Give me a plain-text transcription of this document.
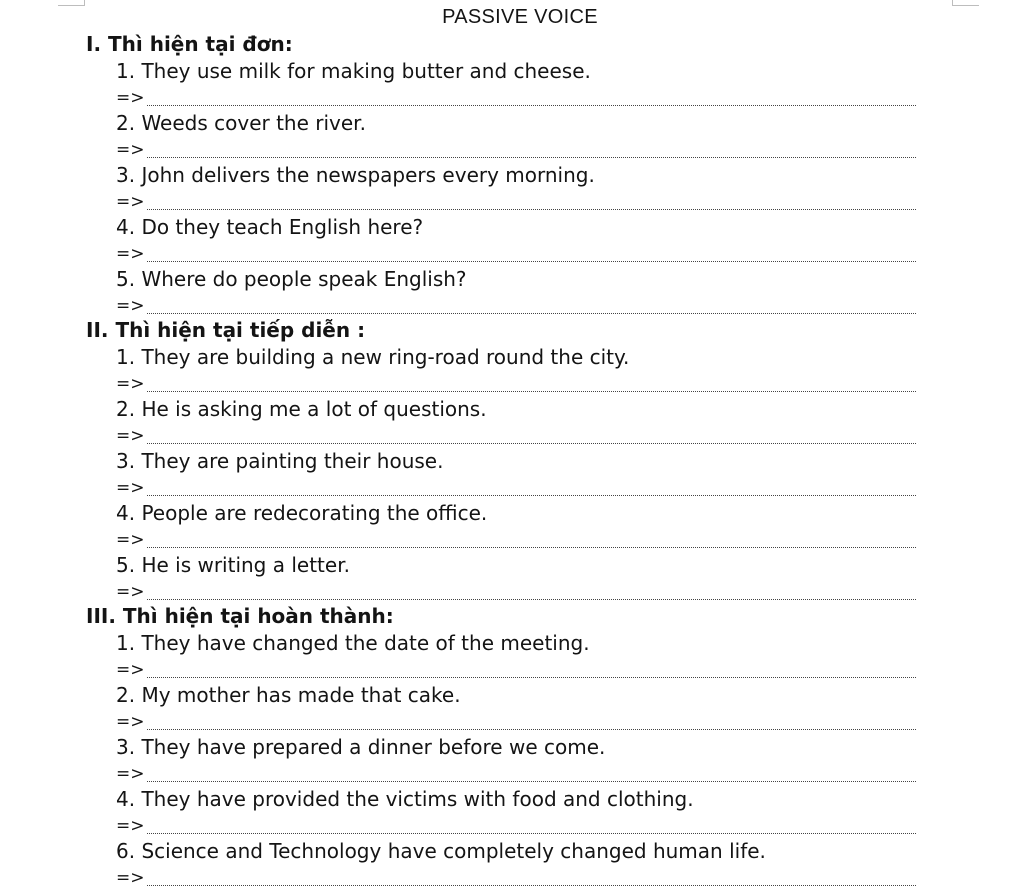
PASSIVE VOICE
I. Thì hiện tại đơn:
1. They use milk for making butter and cheese.
=>
2. Weeds cover the river.
=>
3. John delivers the newspapers every morning.
=>
4. Do they teach English here?
=>
5. Where do people speak English?
=>
II. Thì hiện tại tiếp diễn :
1. They are building a new ring-road round the city.
=>
2. He is asking me a lot of questions.
=>
3. They are painting their house.
=>
4. People are redecorating the office.
=>
5. He is writing a letter.
=>
III. Thì hiện tại hoàn thành:
1. They have changed the date of the meeting.
=>
2. My mother has made that cake.
=>
3. They have prepared a dinner before we come.
=>
4. They have provided the victims with food and clothing.
=>
6. Science and Technology have completely changed human life.
=>
